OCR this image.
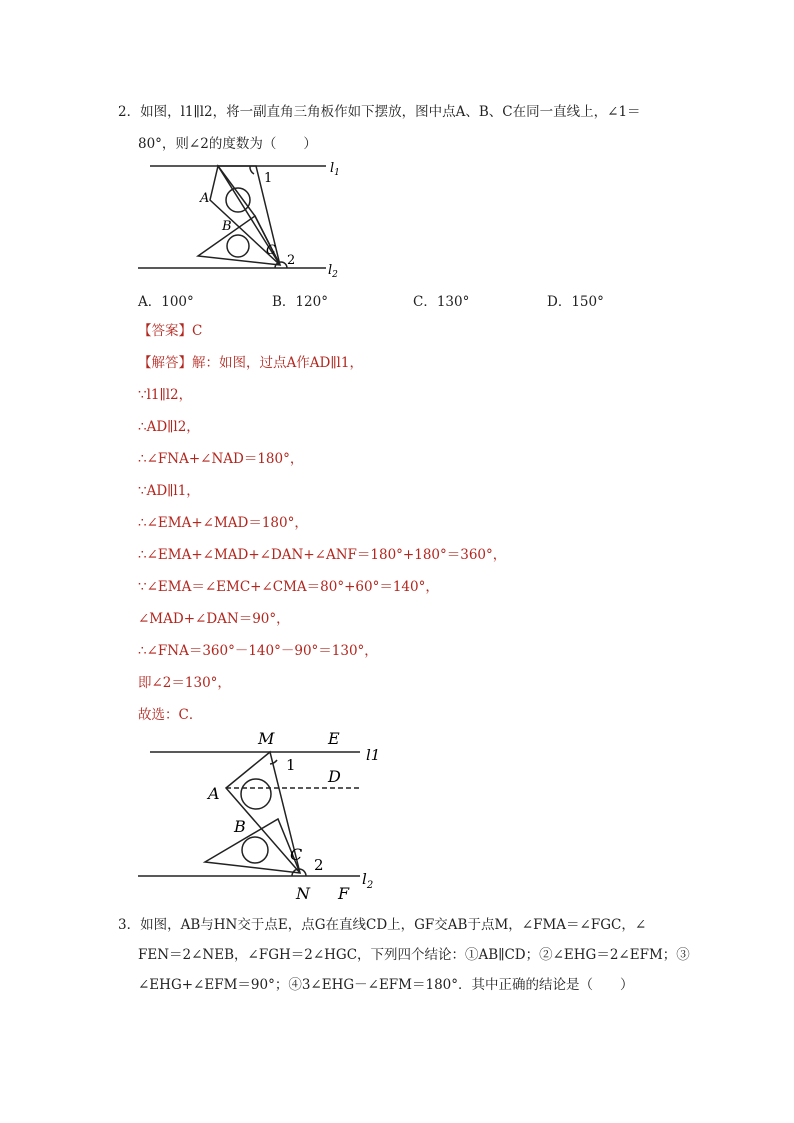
2．如图，l1∥l2，将一副直角三角板作如下摆放，图中点A、B、C在同一直线上，∠1＝
80°，则∠2的度数为（　　）
A
B
C
1
2
$l_1$
$l_2$
A．100°	B．120°	C．130°	D．150°
【答案】C
【解答】解：如图，过点A作AD∥l1，
∵l1∥l2，
∴AD∥l2，
∴∠FNA+∠NAD＝180°，
∵AD∥l1，
∴∠EMA+∠MAD＝180°，
∴∠EMA+∠MAD+∠DAN+∠ANF＝180°+180°＝360°，
∵∠EMA＝∠EMC+∠CMA＝80°+60°＝140°，
∠MAD+∠DAN＝90°，
∴∠FNA＝360°－140°－90°＝130°，
即∠2＝130°，
故选：C．
M	E
D
A
B
C
N F
1
2
l1
$l_2$
3．如图，AB与HN交于点E，点G在直线CD上，GF交AB于点M，∠FMA＝∠FGC，∠
FEN＝2∠NEB，∠FGH＝2∠HGC，下列四个结论：①AB∥CD；②∠EHG＝2∠EFM；③
∠EHG+∠EFM＝90°；④3∠EHG－∠EFM＝180°．其中正确的结论是（　　）
